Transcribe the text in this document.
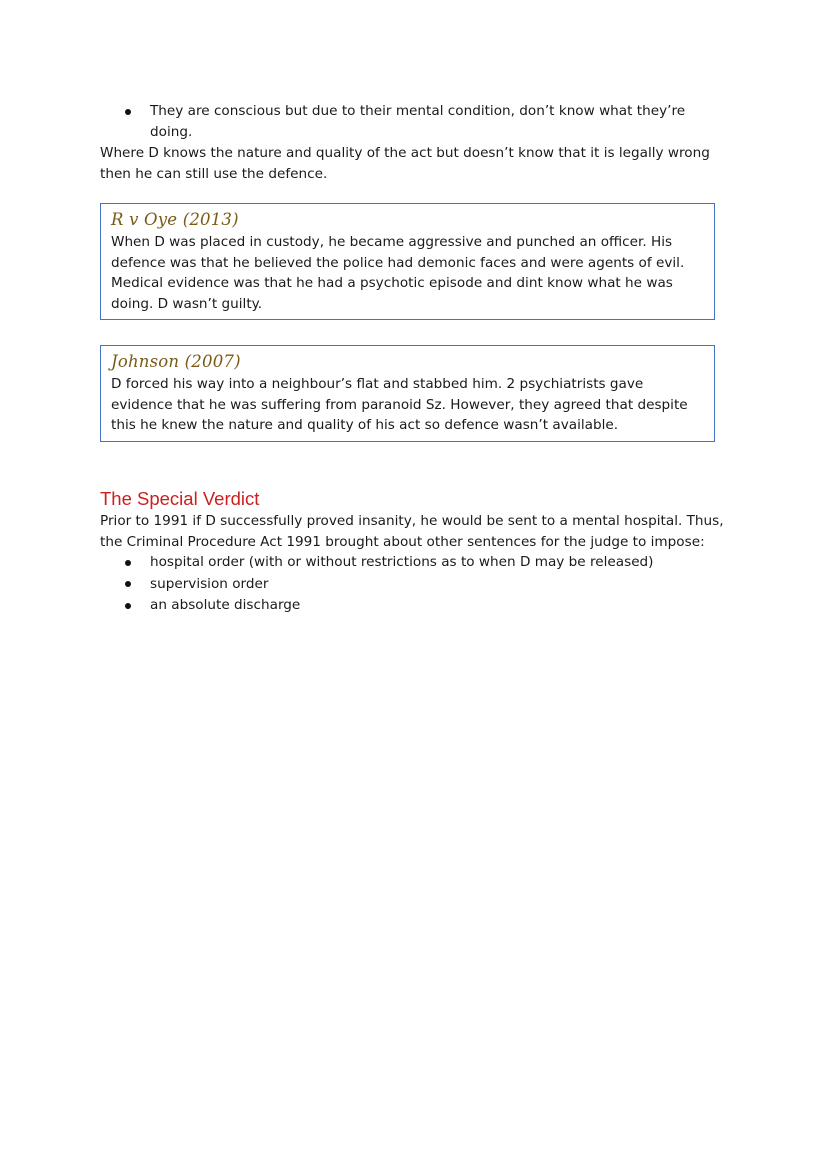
They are conscious but due to their mental condition, don’t know what they’re doing.
Where D knows the nature and quality of the act but doesn’t know that it is legally wrong then he can still use the defence.
R v Oye (2013)
When D was placed in custody, he became aggressive and punched an officer. His defence was that he believed the police had demonic faces and were agents of evil. Medical evidence was that he had a psychotic episode and dint know what he was doing. D wasn’t guilty.
Johnson (2007)
D forced his way into a neighbour’s flat and stabbed him. 2 psychiatrists gave evidence that he was suffering from paranoid Sz. However, they agreed that despite this he knew the nature and quality of his act so defence wasn’t available.
The Special Verdict
Prior to 1991 if D successfully proved insanity, he would be sent to a mental hospital. Thus, the Criminal Procedure Act 1991 brought about other sentences for the judge to impose:
hospital order (with or without restrictions as to when D may be released)
supervision order
an absolute discharge
